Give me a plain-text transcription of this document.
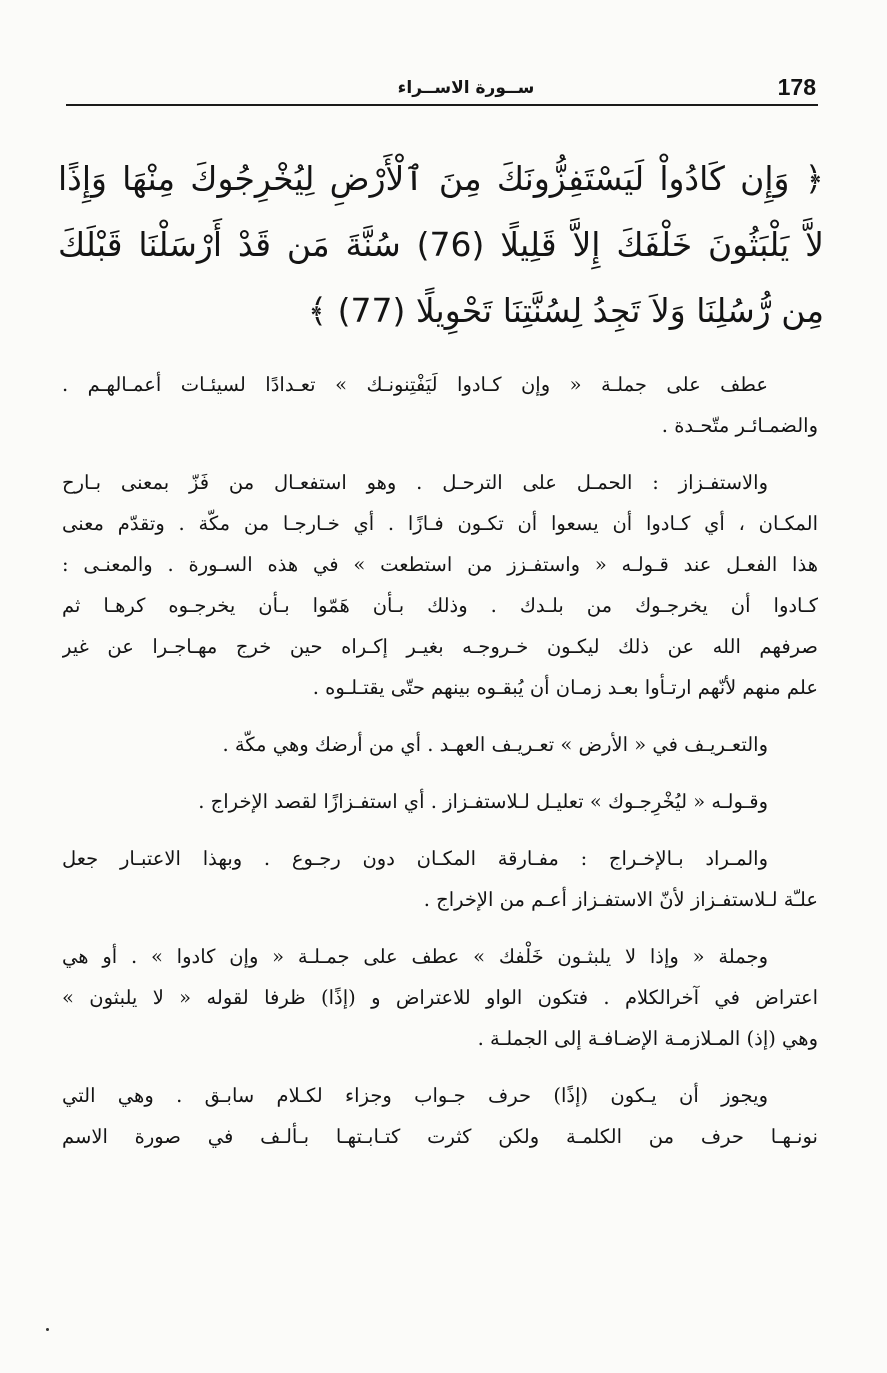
178
ســورة الاســراء
﴿ وَإِن كَادُواْ لَيَسْتَفِزُّونَكَ مِنَ ٱلْأَرْضِ لِيُخْرِجُوكَ مِنْهَا وَإِذًا
لاَّ يَلْبَثُونَ خَلْفَكَ إِلاَّ قَلِيلًا (76) سُنَّةَ مَن قَدْ أَرْسَلْنَا قَبْلَكَ
مِن رُّسُلِنَا وَلاَ تَجِدُ لِسُنَّتِنَا تَحْوِيلًا (77) ﴾
عطف على جملـة « وإن كـادوا لَيَفْتِنونـك » تعـدادًا لسيئـات أعمـالهـم .
والضمـائـر متّحـدة .
والاستفـزاز : الحمـل على الترحـل . وهو استفعـال من فَزّ بمعنى بـارح
المكـان ، أي كـادوا أن يسعوا أن تكـون فـازًا . أي خـارجـا من مكّة . وتقدّم معنى
هذا الفعـل عند قـولـه « واستفـزز من استطعت » في هذه السـورة . والمعنـى :
كـادوا أن يخرجـوك من بلـدك . وذلك بـأن هَمّوا بـأن يخرجـوه كرهـا ثم
صرفهم الله عن ذلك ليكـون خـروجـه بغيـر إكـراه حين خرج مهـاجـرا عن غير
علم منهم لأنّهم ارتـأوا بعـد زمـان أن يُبقـوه بينهم حتّى يقتـلـوه .
والتعـريـف في « الأرض » تعـريـف العهـد . أي من أرضك وهي مكّة .
وقـولـه « ليُخْرِجـوك » تعليـل لـلاستفـزاز . أي استفـزازًا لقصد الإخراج .
والمـراد بـالإخـراج : مفـارقة المكـان دون رجـوع . وبهذا الاعتبـار جعل
علـّة لـلاستفـزاز لأنّ الاستفـزاز أعـم من الإخراج .
وجملة « وإذا لا يلبثـون خَلْفك » عطف على جمـلـة « وإن كادوا » . أو هي
اعتراض في آخرالكلام . فتكون الواو للاعتراض و (إذًا) ظرفا لقوله « لا يلبثون »
وهي (إذ) المـلازمـة الإضـافـة إلى الجملـة .
ويجوز أن يـكون (إذًا) حرف جـواب وجزاء لكـلام سابـق . وهي التي
نونـهـا حرف من الكلمـة ولكن كثرت كتـابـتهـا بـألـف في صورة الاسم
